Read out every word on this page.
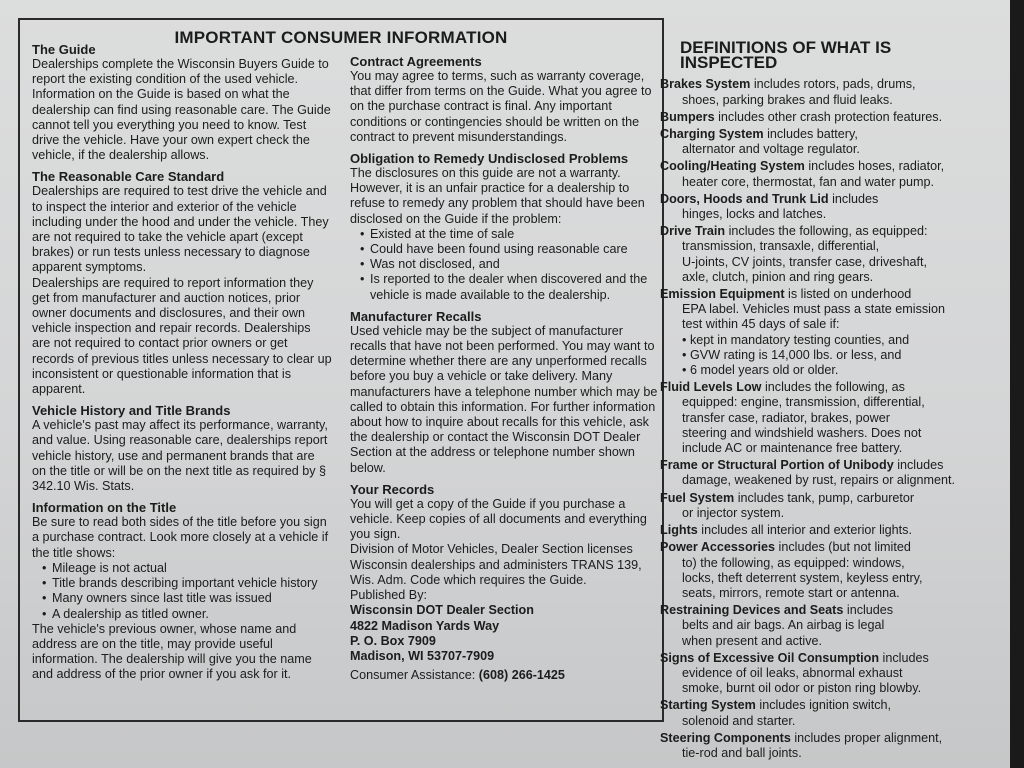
IMPORTANT CONSUMER INFORMATION
The Guide

Dealerships complete the Wisconsin Buyers Guide to report the existing condition of the used vehicle. Information on the Guide is based on what the dealership can find using reasonable care. The Guide cannot tell you everything you need to know. Test drive the vehicle. Have your own expert check the vehicle, if the dealership allows.

The Reasonable Care Standard

Dealerships are required to test drive the vehicle and to inspect the interior and exterior of the vehicle including under the hood and under the vehicle. They are not required to take the vehicle apart (except brakes) or run tests unless necessary to diagnose apparent symptoms.

Dealerships are required to report information they get from manufacturer and auction notices, prior owner documents and disclosures, and their own vehicle inspection and repair records. Dealerships are not required to contact prior owners or get records of previous titles unless necessary to clear up inconsistent or questionable information that is apparent.

Vehicle History and Title Brands

A vehicle's past may affect its performance, warranty, and value. Using reasonable care, dealerships report vehicle history, use and permanent brands that are on the title or will be on the next title as required by § 342.10 Wis. Stats.

Information on the Title

Be sure to read both sides of the title before you sign a purchase contract. Look more closely at a vehicle if the title shows:

• Mileage is not actual
• Title brands describing important vehicle history
• Many owners since last title was issued
• A dealership as titled owner.

The vehicle's previous owner, whose name and address are on the title, may provide useful information. The dealership will give you the name and address of the prior owner if you ask for it.

Contract Agreements

You may agree to terms, such as warranty coverage, that differ from terms on the Guide. What you agree to on the purchase contract is final. Any important conditions or contingencies should be written on the contract to prevent misunderstandings.

Obligation to Remedy Undisclosed Problems

The disclosures on this guide are not a warranty. However, it is an unfair practice for a dealership to refuse to remedy any problem that should have been disclosed on the Guide if the problem:

• Existed at the time of sale
• Could have been found using reasonable care
• Was not disclosed, and
• Is reported to the dealer when discovered and the vehicle is made available to the dealership.
Manufacturer Recalls

Used vehicle may be the subject of manufacturer recalls that have not been performed. You may want to determine whether there are any unperformed recalls before you buy a vehicle or take delivery. Many manufacturers have a telephone number which may be called to obtain this information. For further information about how to inquire about recalls for this vehicle, ask the dealership or contact the Wisconsin DOT Dealer Section at the address or telephone number shown below.

Your Records

You will get a copy of the Guide if you purchase a vehicle. Keep copies of all documents and everything you sign.

Division of Motor Vehicles, Dealer Section licenses Wisconsin dealerships and administers TRANS 139, Wis. Adm. Code which requires the Guide.

Published By:

Wisconsin DOT Dealer Section

4822 Madison Yards Way

P. O. Box 7909

Madison, WI 53707-7909

Consumer Assistance: (608) 266-1425

DEFINITIONS OF WHAT IS INSPECTED
Brakes System includes rotors, pads, drums,
shoes, parking brakes and fluid leaks.
Bumpers includes other crash protection features.
Charging System includes battery,
alternator and voltage regulator.
Cooling/Heating System includes hoses, radiator,
heater core, thermostat, fan and water pump.
Doors, Hoods and Trunk Lid includes
hinges, locks and latches.
Drive Train includes the following, as equipped:
transmission, transaxle, differential,
U-joints, CV joints, transfer case, driveshaft,
axle, clutch, pinion and ring gears.
Emission Equipment is listed on underhood
EPA label. Vehicles must pass a state emission
test within 45 days of sale if:
• kept in mandatory testing counties, and
• GVW rating is 14,000 lbs. or less, and
• 6 model years old or older.
Fluid Levels Low includes the following, as
equipped: engine, transmission, differential,
transfer case, radiator, brakes, power
steering and windshield washers. Does not
include AC or maintenance free battery.
Frame or Structural Portion of Unibody includes
damage, weakened by rust, repairs or alignment.
Fuel System includes tank, pump, carburetor
or injector system.
Lights includes all interior and exterior lights.
Power Accessories includes (but not limited
to) the following, as equipped: windows,
locks, theft deterrent system, keyless entry,
seats, mirrors, remote start or antenna.
Restraining Devices and Seats includes
belts and air bags. An airbag is legal
when present and active.
Signs of Excessive Oil Consumption includes
evidence of oil leaks, abnormal exhaust
smoke, burnt oil odor or piston ring blowby.
Starting System includes ignition switch,
solenoid and starter.
Steering Components includes proper alignment,
tie-rod and ball joints.
